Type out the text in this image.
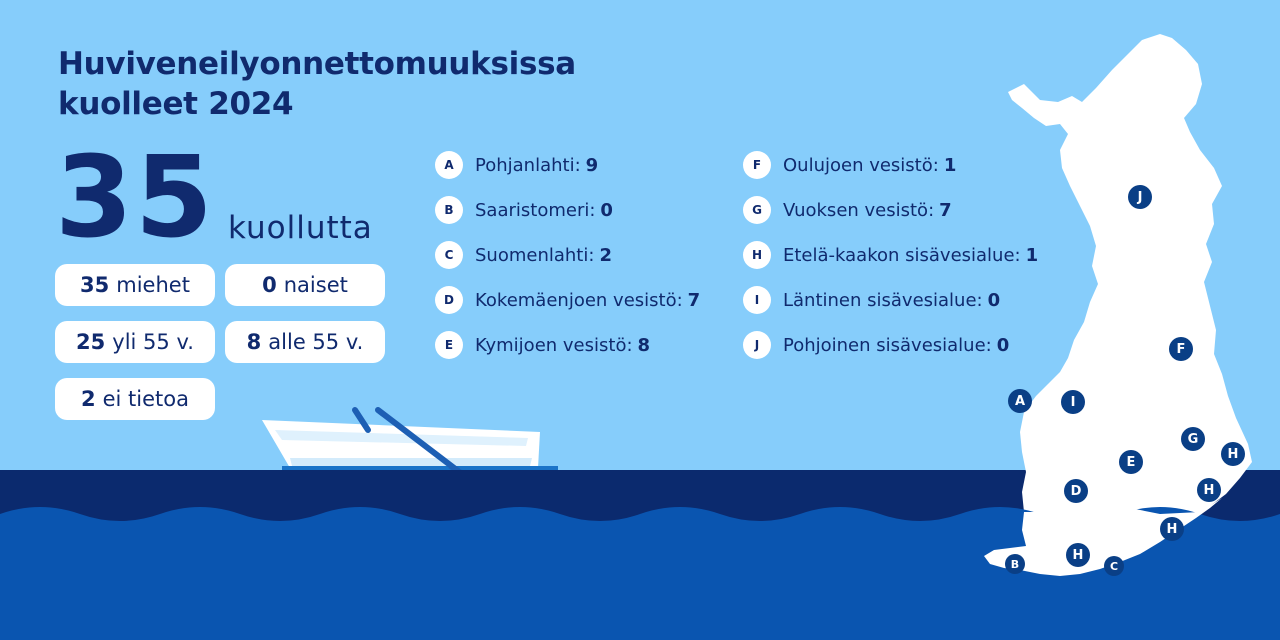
Huviveneilyonnettomuuksissa
kuolleet 2024
35 kuollutta
35 miehet	0 naiset
25 yli 55 v.	8 alle 55 v.
2 ei tietoa
A	Pohjanlahti: 9
B	Saaristomeri: 0
C	Suomenlahti: 2
D	Kokemäenjoen vesistö: 7
E	Kymijoen vesistö: 8
F	Oulujoen vesistö: 1
G	Vuoksen vesistö: 7
H	Etelä-kaakon sisävesialue: 1
I	Läntinen sisävesialue: 0
J	Pohjoinen sisävesialue: 0
J
F
A	I
G
H
E
H
D
H
H
B	C
